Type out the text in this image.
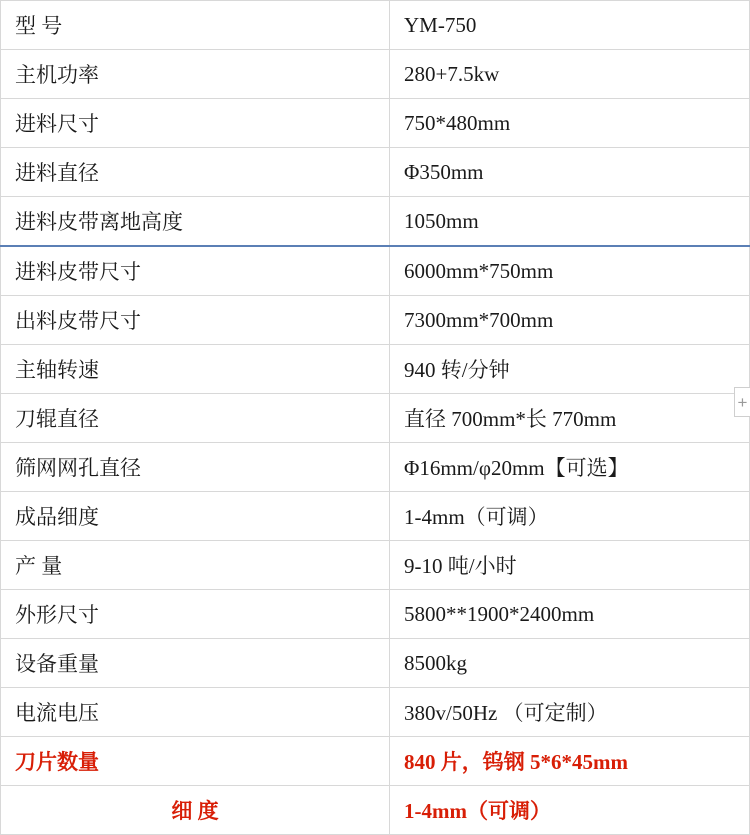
型 号	YM-750
主机功率	280+7.5kw
进料尺寸	750*480mm
进料直径	Φ350mm
进料皮带离地高度	1050mm
进料皮带尺寸	6000mm*750mm
出料皮带尺寸	7300mm*700mm
主轴转速	940 转/分钟
刀辊直径	直径 700mm*长 770mm
筛网网孔直径	Φ16mm/φ20mm【可选】
成品细度	1-4mm（可调）
产 量	9-10 吨/小时
外形尺寸	5800**1900*2400mm
设备重量	8500kg
电流电压	380v/50Hz （可定制）
刀片数量	840 片，钨钢 5*6*45mm
细 度	1-4mm（可调）
+
